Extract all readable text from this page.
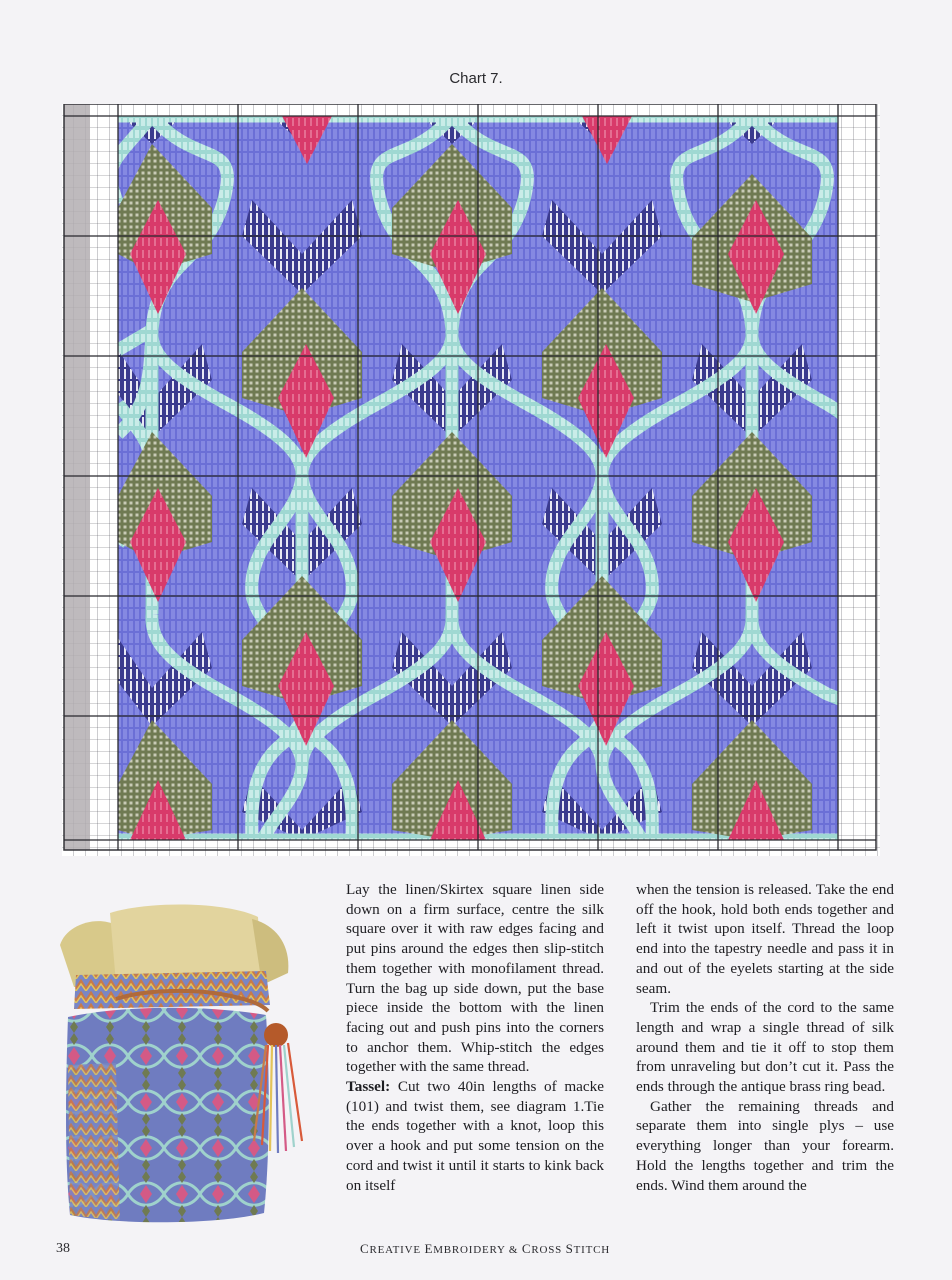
Chart 7.

Lay the linen/Skirtex square linen side down on a firm surface, centre the silk square over it with raw edges facing and put pins around the edges then slip-stitch them together with monofilament thread. Turn the bag up side down, put the base piece inside the bottom with the linen facing out and push pins into the corners to anchor them. Whip-stitch the edges together with the same thread.

Tassel: Cut two 40in lengths of macke (101) and twist them, see diagram 1.Tie the ends together with a knot, loop this over a hook and put some tension on the cord and twist it until it starts to kink back on itself

when the tension is released. Take the end off the hook, hold both ends together and left it twist upon itself. Thread the loop end into the tapestry needle and pass it in and out of the eyelets starting at the side seam.

Trim the ends of the cord to the same length and wrap a single thread of silk around them and tie it off to stop them from unraveling but don’t cut it. Pass the ends through the antique brass ring bead.

Gather the remaining threads and separate them into single plys – use everything longer than your forearm. Hold the lengths together and trim the ends. Wind them around the

38	CREATIVE EMBROIDERY & CROSS STITCH
